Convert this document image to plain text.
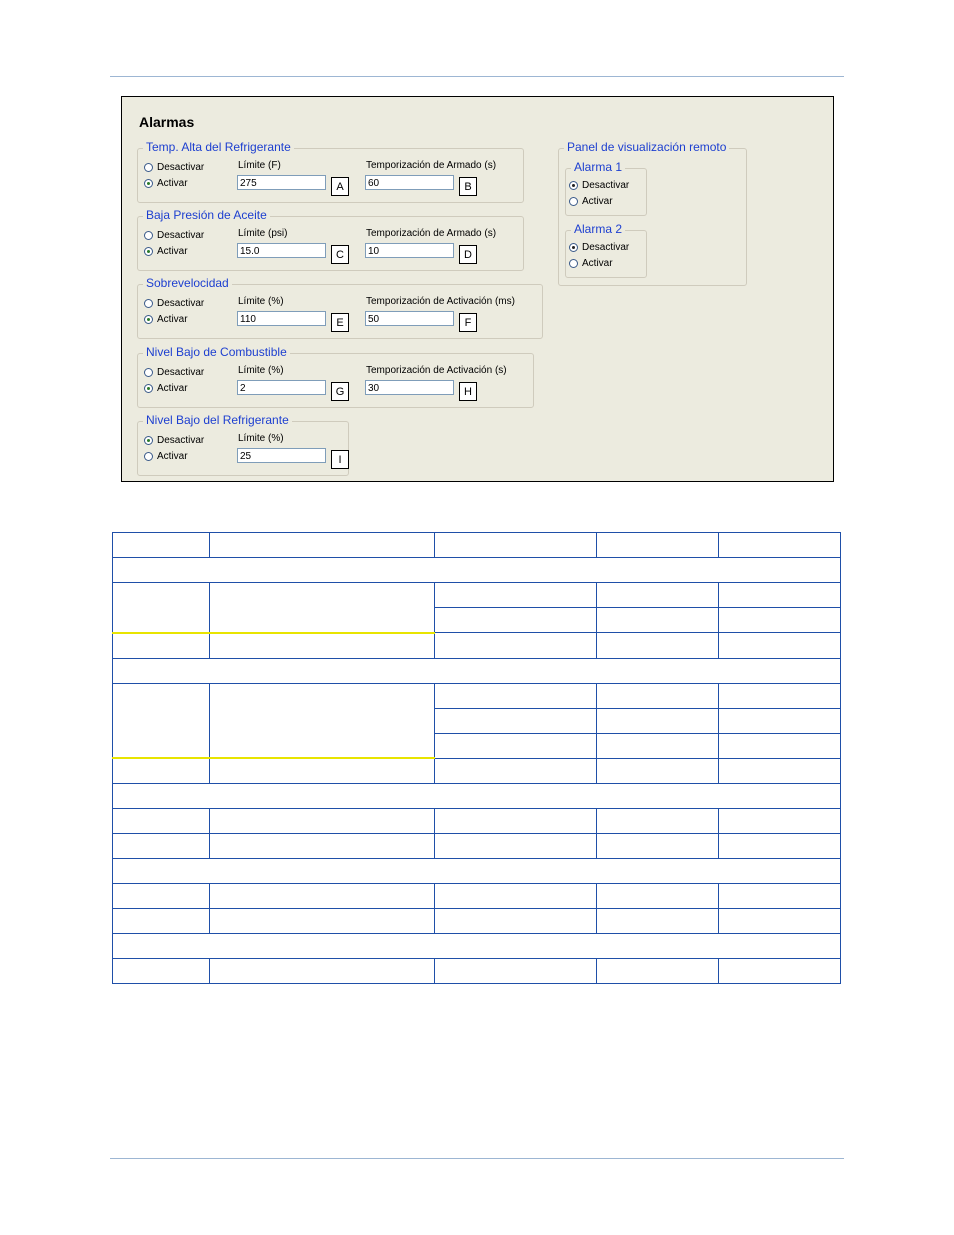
Alarmas
Temp. Alta del Refrigerante
Desactivar
Activar
Límite (F)
275	A
Temporización de Armado (s)
60	B
Baja Presión de Aceite
Desactivar
Activar
Límite (psi)
15.0	C
Temporización de Armado (s)
10	D
Sobrevelocidad
Desactivar
Activar
Límite (%)
110	E
Temporización de Activación (ms)
50	F
Nivel Bajo de Combustible
Desactivar
Activar
Límite (%)
2	G
Temporización de Activación (s)
30	H
Nivel Bajo del Refrigerante
Desactivar
Activar
Límite (%)
25	I
Panel de visualización remoto
Alarma 1
Desactivar
Activar
Alarma 2
Desactivar
Activar
